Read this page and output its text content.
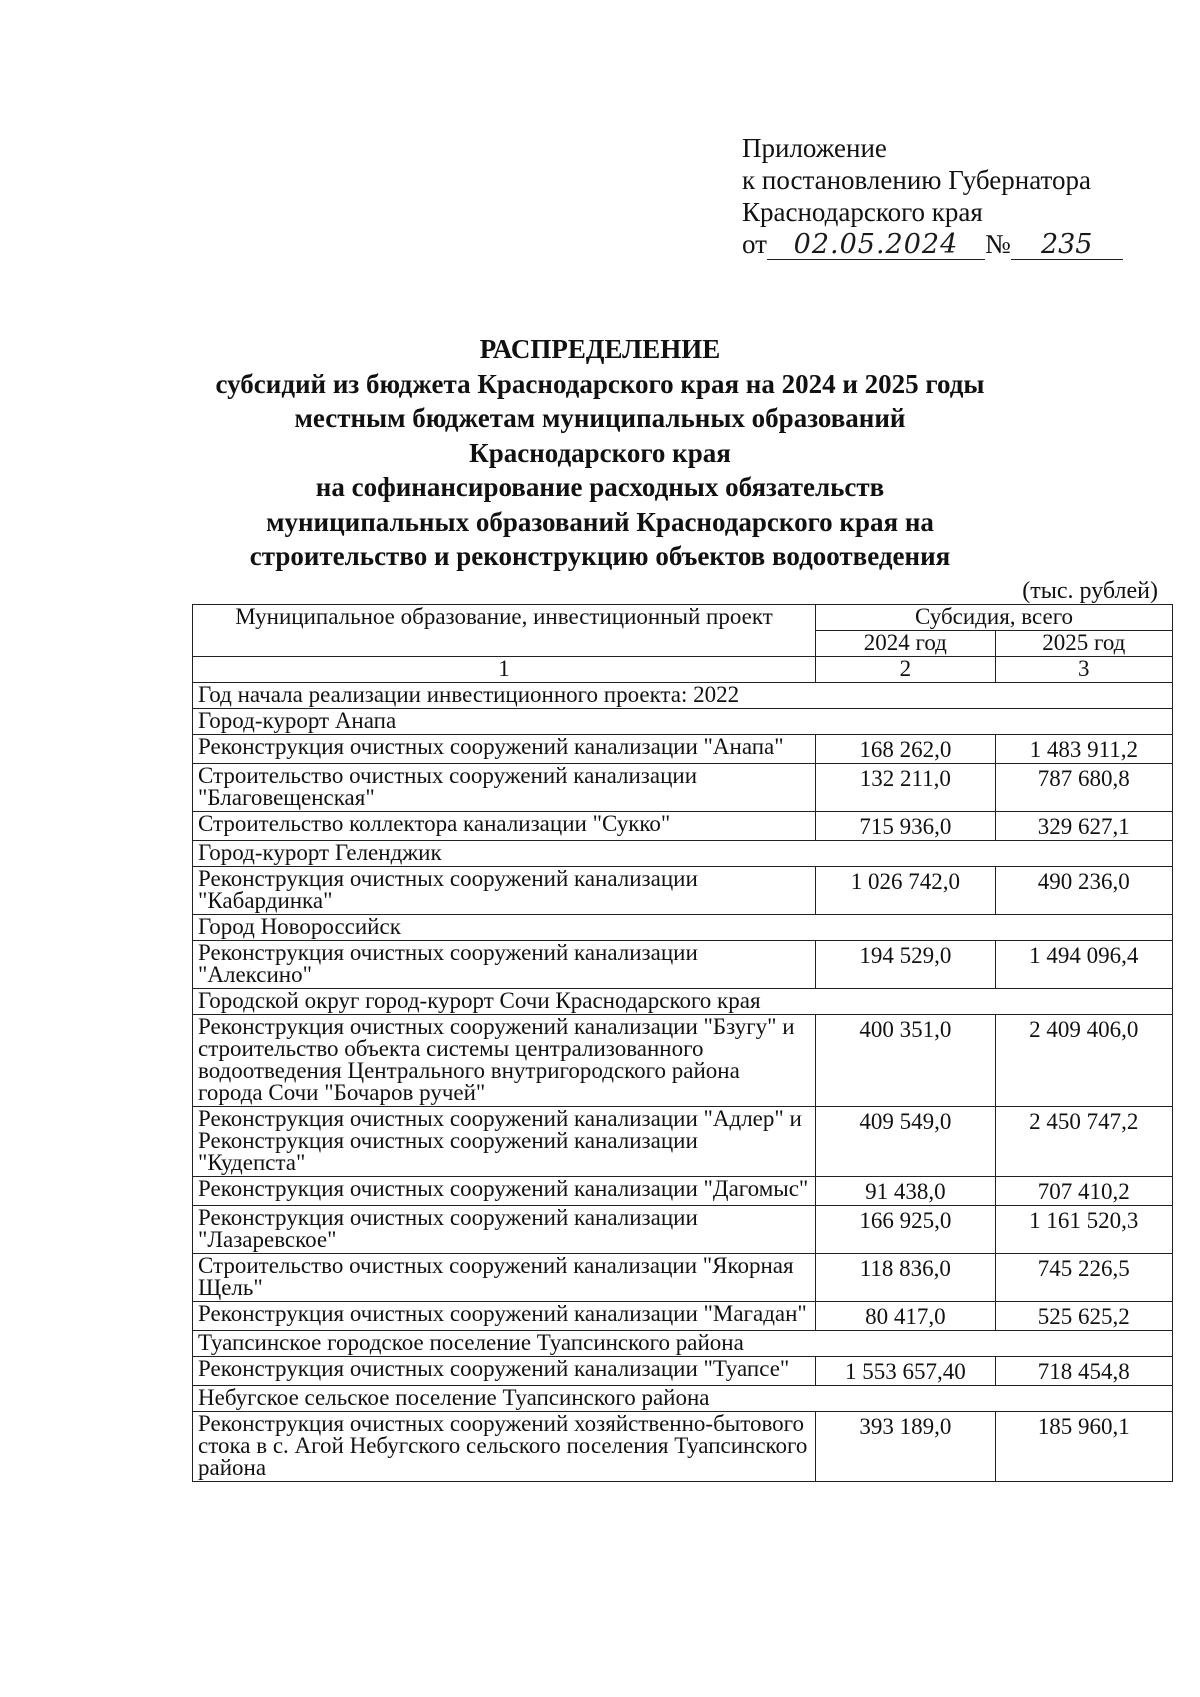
Приложение
к постановлению Губернатора
Краснодарского края
от 02.05.2024 №	235
РАСПРЕДЕЛЕНИЕ
субсидий из бюджета Краснодарского края на 2024 и 2025 годы
местным бюджетам муниципальных образований
Краснодарского края
на софинансирование расходных обязательств
муниципальных образований Краснодарского края на
строительство и реконструкцию объектов водоотведения
(тыс. рублей)
Муниципальное образование, инвестиционный проект	Субсидия, всего	
	2024 год	2025 год
1	2	3
Год начала реализации инвестиционного проекта: 2022		
Город-курорт Анапа		
Реконструкция очистных сооружений канализации "Анапа"	168 262,0	1 483 911,2
Строительство очистных сооружений канализации "Благовещенская"	132 211,0	787 680,8
Строительство коллектора канализации "Сукко"	715 936,0	329 627,1
Город-курорт Геленджик		
Реконструкция очистных сооружений канализации "Кабардинка"	1 026 742,0	490 236,0
Город Новороссийск		
Реконструкция очистных сооружений канализации "Алексино"	194 529,0	1 494 096,4
Городской округ город-курорт Сочи Краснодарского края		
Реконструкция очистных сооружений канализации "Бзугу" и строительство объекта системы централизованного водоотведения Центрального внутригородского района города Сочи "Бочаров ручей"	400 351,0	2 409 406,0
Реконструкция очистных сооружений канализации "Адлер" и Реконструкция очистных сооружений канализации "Кудепста"	409 549,0	2 450 747,2
Реконструкция очистных сооружений канализации "Дагомыс"	91 438,0	707 410,2
Реконструкция очистных сооружений канализации "Лазаревское"	166 925,0	1 161 520,3
Строительство очистных сооружений канализации "Якорная Щель"	118 836,0	745 226,5
Реконструкция очистных сооружений канализации "Магадан"	80 417,0	525 625,2
Туапсинское городское поселение Туапсинского района		
Реконструкция очистных сооружений канализации "Туапсе"	1 553 657,40	718 454,8
Небугское сельское поселение Туапсинского района		
Реконструкция очистных сооружений хозяйственно-бытового стока в с. Агой Небугского сельского поселения Туапсинского района	393 189,0	185 960,1
